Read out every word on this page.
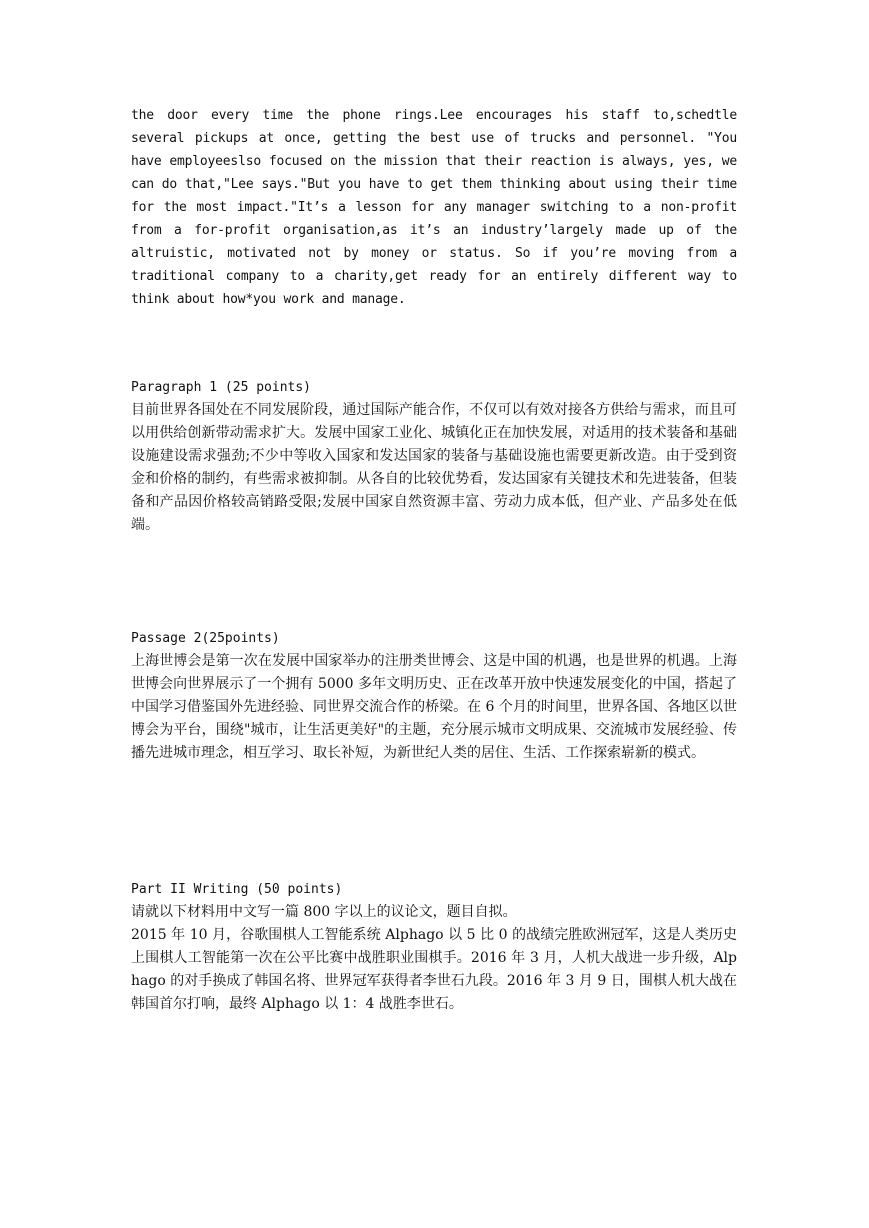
the door every time the phone rings.Lee encourages his staff to,schedtle several pickups at once, getting the best use of trucks and personnel. "You have employeeslso focused on the mission that their reaction is always, yes, we can do that,"Lee says."But you have to get them thinking about using their time for the most impact."It’s a lesson for any manager switching to a non-profit from a for-profit organisation,as it’s an industry’largely made up of the altruistic, motivated not by money or status. So if you’re moving from a traditional company to a charity,get ready for an entirely different way to think about how*you work and manage.
Paragraph 1 (25 points)
目前世界各国处在不同发展阶段，通过国际产能合作，不仅可以有效对接各方供给与需求，而且可以用供给创新带动需求扩大。发展中国家工业化、城镇化正在加快发展，对适用的技术装备和基础设施建设需求强劲;不少中等收入国家和发达国家的装备与基础设施也需要更新改造。由于受到资金和价格的制约，有些需求被抑制。从各自的比较优势看，发达国家有关键技术和先进装备，但装备和产品因价格较高销路受限;发展中国家自然资源丰富、劳动力成本低，但产业、产品多处在低端。
Passage 2(25points)
上海世博会是第一次在发展中国家举办的注册类世博会、这是中国的机遇，也是世界的机遇。上海世博会向世界展示了一个拥有 5000 多年文明历史、正在改革开放中快速发展变化的中国，搭起了中国学习借鉴国外先进经验、同世界交流合作的桥梁。在 6 个月的时间里，世界各国、各地区以世博会为平台，围绕"城市，让生活更美好"的主题，充分展示城市文明成果、交流城市发展经验、传播先进城市理念，相互学习、取长补短，为新世纪人类的居住、生活、工作探索崭新的模式。
Part II Writing (50 points)
请就以下材料用中文写一篇 800 字以上的议论文，题目自拟。
2015 年 10 月，谷歌围棋人工智能系统 Alphago 以 5 比 0 的战绩完胜欧洲冠军，这是人类历史上围棋人工智能第一次在公平比赛中战胜职业围棋手。2016 年 3 月，人机大战进一步升级，Alphago 的对手换成了韩国名将、世界冠军获得者李世石九段。2016 年 3 月 9 日，围棋人机大战在韩国首尔打响，最终 Alphago 以 1：4 战胜李世石。
